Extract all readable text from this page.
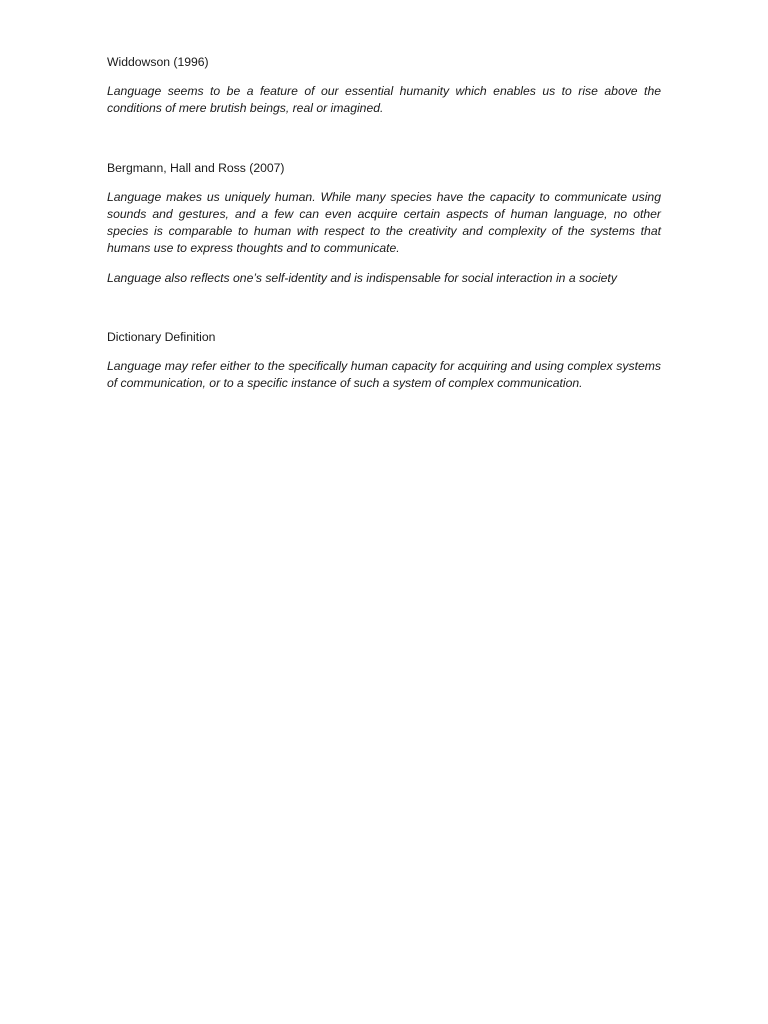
Widdowson (1996)

Language seems to be a feature of our essential humanity which enables us to rise above the conditions of mere brutish beings, real or imagined.

Bergmann, Hall and Ross (2007)

Language makes us uniquely human. While many species have the capacity to communicate using sounds and gestures, and a few can even acquire certain aspects of human language, no other species is comparable to human with respect to the creativity and complexity of the systems that humans use to express thoughts and to communicate.

Language also reflects one’s self-identity and is indispensable for social interaction in a society

Dictionary Definition

Language may refer either to the specifically human capacity for acquiring and using complex systems of communication, or to a specific instance of such a system of complex communication.
